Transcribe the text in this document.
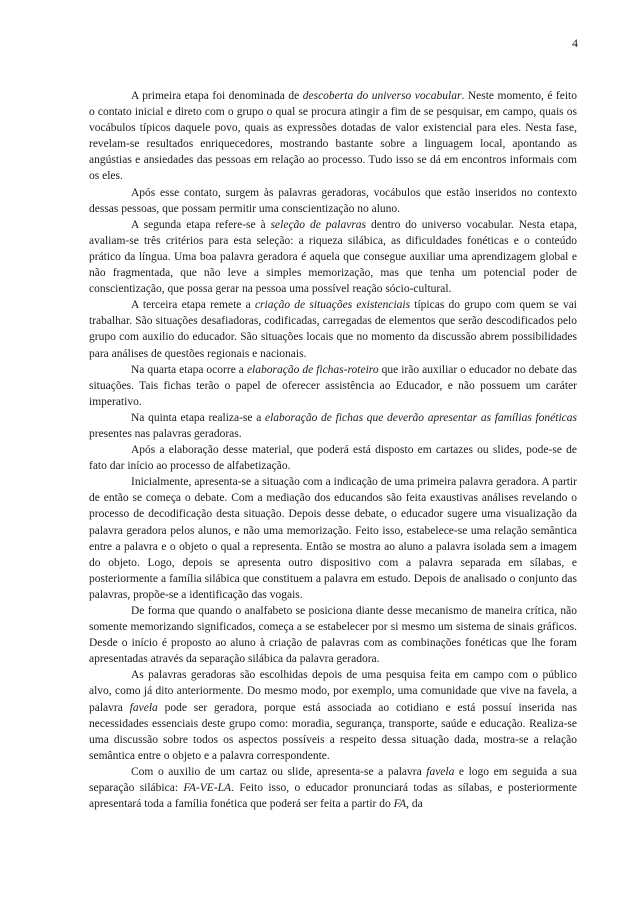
4

A primeira etapa foi denominada de descoberta do universo vocabular. Neste momento, é feito o contato inicial e direto com o grupo o qual se procura atingir a fim de se pesquisar, em campo, quais os vocábulos típicos daquele povo, quais as expressões dotadas de valor existencial para eles. Nesta fase, revelam-se resultados enriquecedores, mostrando bastante sobre a linguagem local, apontando as angústias e ansiedades das pessoas em relação ao processo. Tudo isso se dá em encontros informais com os eles.

Após esse contato, surgem às palavras geradoras, vocábulos que estão inseridos no contexto dessas pessoas, que possam permitir uma conscientização no aluno.

A segunda etapa refere-se à seleção de palavras dentro do universo vocabular. Nesta etapa, avaliam-se três critérios para esta seleção: a riqueza silábica, as dificuldades fonéticas e o conteúdo prático da língua. Uma boa palavra geradora é aquela que consegue auxiliar uma aprendizagem global e não fragmentada, que não leve a simples memorização, mas que tenha um potencial poder de conscientização, que possa gerar na pessoa uma possível reação sócio-cultural.

A terceira etapa remete a criação de situações existenciais típicas do grupo com quem se vai trabalhar. São situações desafiadoras, codificadas, carregadas de elementos que serão descodificados pelo grupo com auxilio do educador. São situações locais que no momento da discussão abrem possibilidades para análises de questões regionais e nacionais.

Na quarta etapa ocorre a elaboração de fichas-roteiro que irão auxiliar o educador no debate das situações. Tais fichas terão o papel de oferecer assistência ao Educador, e não possuem um caráter imperativo.

Na quinta etapa realiza-se a elaboração de fichas que deverão apresentar as famílias fonéticas presentes nas palavras geradoras.

Após a elaboração desse material, que poderá está disposto em cartazes ou slides, pode-se de fato dar início ao processo de alfabetização.

Inicialmente, apresenta-se a situação com a indicação de uma primeira palavra geradora. A partir de então se começa o debate. Com a mediação dos educandos são feita exaustivas análises revelando o processo de decodificação desta situação. Depois desse debate, o educador sugere uma visualização da palavra geradora pelos alunos, e não uma memorização. Feito isso, estabelece-se uma relação semântica entre a palavra e o objeto o qual a representa. Então se mostra ao aluno a palavra isolada sem a imagem do objeto. Logo, depois se apresenta outro dispositivo com a palavra separada em sílabas, e posteriormente a família silábica que constituem a palavra em estudo. Depois de analisado o conjunto das palavras, propõe-se a identificação das vogais.

De forma que quando o analfabeto se posiciona diante desse mecanismo de maneira crítica, não somente memorizando significados, começa a se estabelecer por si mesmo um sistema de sinais gráficos. Desde o início é proposto ao aluno à criação de palavras com as combinações fonéticas que lhe foram apresentadas através da separação silábica da palavra geradora.

As palavras geradoras são escolhidas depois de uma pesquisa feita em campo com o público alvo, como já dito anteriormente. Do mesmo modo, por exemplo, uma comunidade que vive na favela, a palavra favela pode ser geradora, porque está associada ao cotidiano e está possuí inserida nas necessidades essenciais deste grupo como: moradia, segurança, transporte, saúde e educação. Realiza-se uma discussão sobre todos os aspectos possíveis a respeito dessa situação dada, mostra-se a relação semântica entre o objeto e a palavra correspondente.

Com o auxilio de um cartaz ou slide, apresenta-se a palavra favela e logo em seguida a sua separação silábica: FA-VE-LA. Feito isso, o educador pronunciará todas as sílabas, e posteriormente apresentará toda a família fonética que poderá ser feita a partir do FA, da
